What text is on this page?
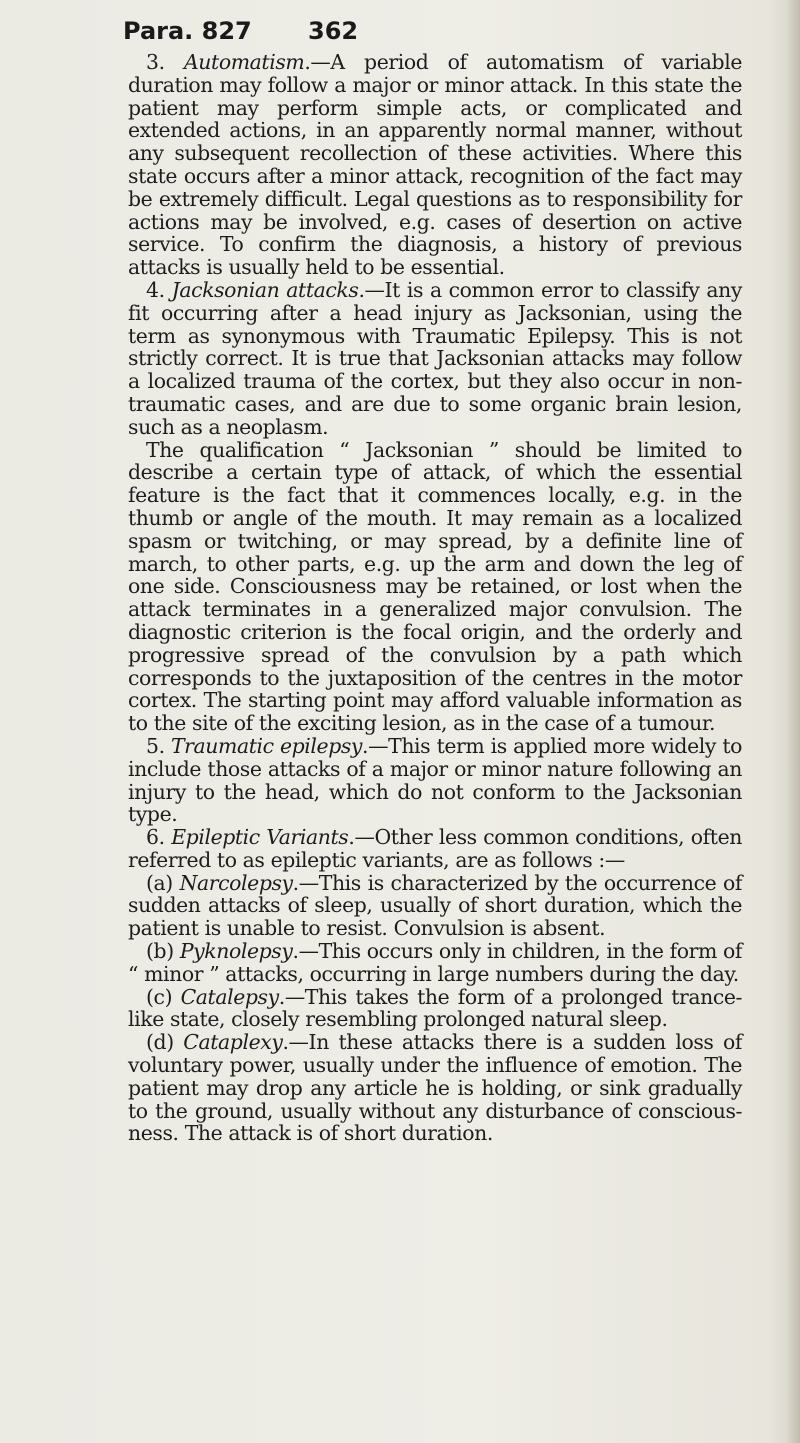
Para. 827 362

3. Automatism.—A period of automatism of variable duration may follow a major or minor attack. In this state the patient may perform simple acts, or complicated and extended actions, in an apparently normal manner, without any subsequent recollection of these activities. Where this state occurs after a minor attack, recognition of the fact may be extremely difficult. Legal questions as to responsibility for actions may be involved, e.g. cases of desertion on active service. To confirm the diagnosis, a history of previous attacks is usually held to be essential.

4. Jacksonian attacks.—It is a common error to classify any fit occurring after a head injury as Jacksonian, using the term as synonymous with Traumatic Epilepsy. This is not strictly correct. It is true that Jacksonian attacks may follow a localized trauma of the cortex, but they also occur in non-traumatic cases, and are due to some organic brain lesion, such as a neoplasm.

The qualification “ Jacksonian ” should be limited to describe a certain type of attack, of which the essential feature is the fact that it commences locally, e.g. in the thumb or angle of the mouth. It may remain as a localized spasm or twitching, or may spread, by a definite line of march, to other parts, e.g. up the arm and down the leg of one side. Consciousness may be retained, or lost when the attack terminates in a generalized major convulsion. The diagnostic criterion is the focal origin, and the orderly and progressive spread of the convulsion by a path which corresponds to the juxtaposition of the centres in the motor cortex. The starting point may afford valuable information as to the site of the exciting lesion, as in the case of a tumour.

5. Traumatic epilepsy.—This term is applied more widely to include those attacks of a major or minor nature following an injury to the head, which do not conform to the Jacksonian type.

6. Epileptic Variants.—Other less common conditions, often referred to as epileptic variants, are as follows :—

(a) Narcolepsy.—This is characterized by the occurrence of sudden attacks of sleep, usually of short duration, which the patient is unable to resist. Convulsion is absent.

(b) Pyknolepsy.—This occurs only in children, in the form of “ minor ” attacks, occurring in large numbers during the day.

(c) Catalepsy.—This takes the form of a prolonged trance-like state, closely resembling prolonged natural sleep.

(d) Cataplexy.—In these attacks there is a sudden loss of voluntary power, usually under the influence of emotion. The patient may drop any article he is holding, or sink gradually to the ground, usually without any disturbance of conscious-ness. The attack is of short duration.
